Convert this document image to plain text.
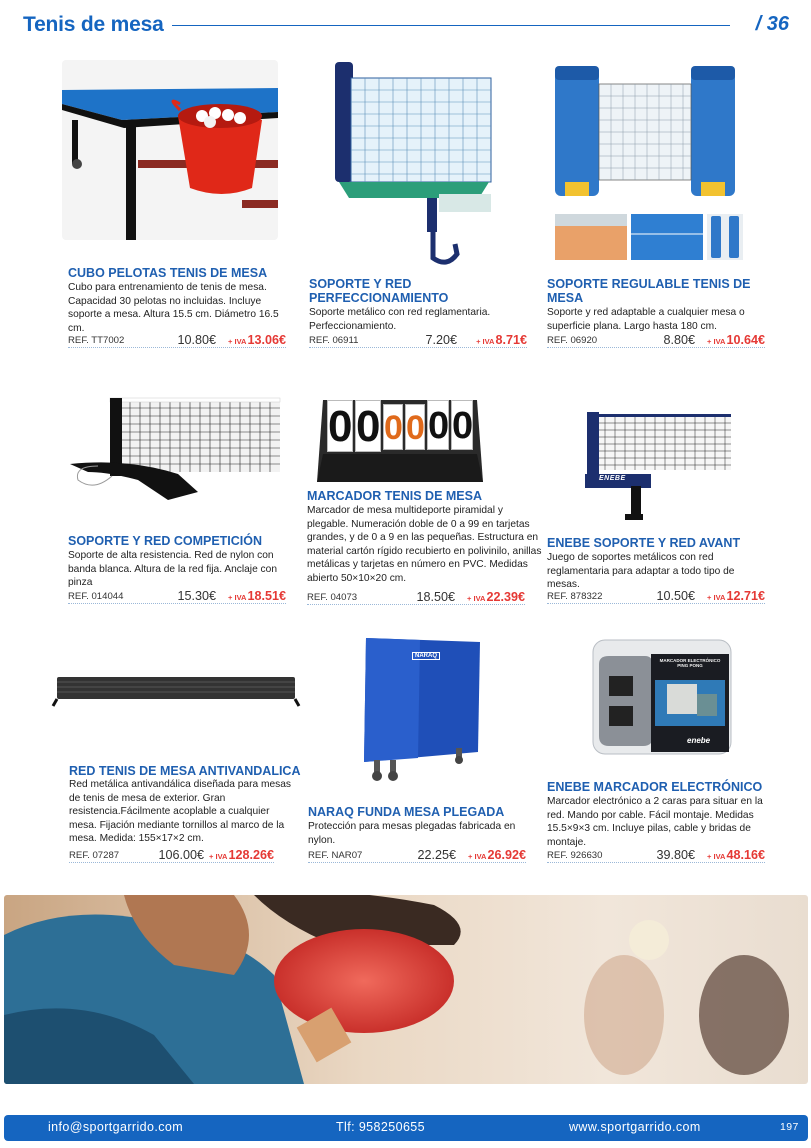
Tenis de mesa	/ 36
CUBO PELOTAS TENIS DE MESA
Cubo para entrenamiento de tenis de mesa. Capacidad 30 pelotas no incluidas. Incluye soporte a mesa. Altura 15.5 cm. Diámetro 16.5 cm.
REF. TT7002	10.80€ + IVA13.06€
SOPORTE Y RED PERFECCIONAMIENTO
Soporte metálico con red reglamentaria. Perfeccionamiento.
REF. 06911	7.20€	+ IVA8.71€
SOPORTE REGULABLE TENIS DE MESA
Soporte y red adaptable a cualquier mesa o superficie plana. Largo hasta 180 cm.
REF. 06920	8.80€ + IVA10.64€
SOPORTE Y RED COMPETICIÓN
Soporte de alta resistencia. Red de nylon con banda blanca. Altura de la red fija. Anclaje con pinza
REF. 014044	15.30€ + IVA18.51€
0 0 0 0 0 0
MARCADOR TENIS DE MESA
Marcador de mesa multideporte piramidal y plegable. Numeración doble de 0 a 99 en tarjetas grandes, y de 0 a 9 en las pequeñas. Estructura en material cartón rígido recubierto en polivinilo, anillas metálicas y tarjetas en número en PVC. Medidas abierto 50×10×20 cm.
REF. 04073	18.50€ + IVA22.39€
ENEBE
ENEBE SOPORTE Y RED AVANT
Juego de soportes metálicos con red reglamentaria para adaptar a todo tipo de mesas.
REF. 878322	10.50€ + IVA12.71€
RED TENIS DE MESA ANTIVANDALICA
Red metálica antivandálica diseñada para mesas de tenis de mesa de exterior. Gran resistencia.Fácilmente acoplable a cualquier mesa. Fijación mediante tornillos al marco de la mesa. Medida: 155×17×2 cm.
REF. 07287	106.00€ + IVA128.26€
NARAQ
NARAQ FUNDA MESA PLEGADA
Protección para mesas plegadas fabricada en nylon.
REF. NAR07	22.25€ + IVA26.92€
MARCADOR ELECTRÓNICO PING PONG
enebe
ENEBE MARCADOR ELECTRÓNICO
Marcador electrónico a 2 caras para situar en la red. Mando por cable. Fácil montaje. Medidas 15.5×9×3 cm. Incluye pilas, cable y bridas de montaje.
REF. 926630	39.80€ + IVA48.16€
info@sportgarrido.com	Tlf: 958250655	www.sportgarrido.com	197
